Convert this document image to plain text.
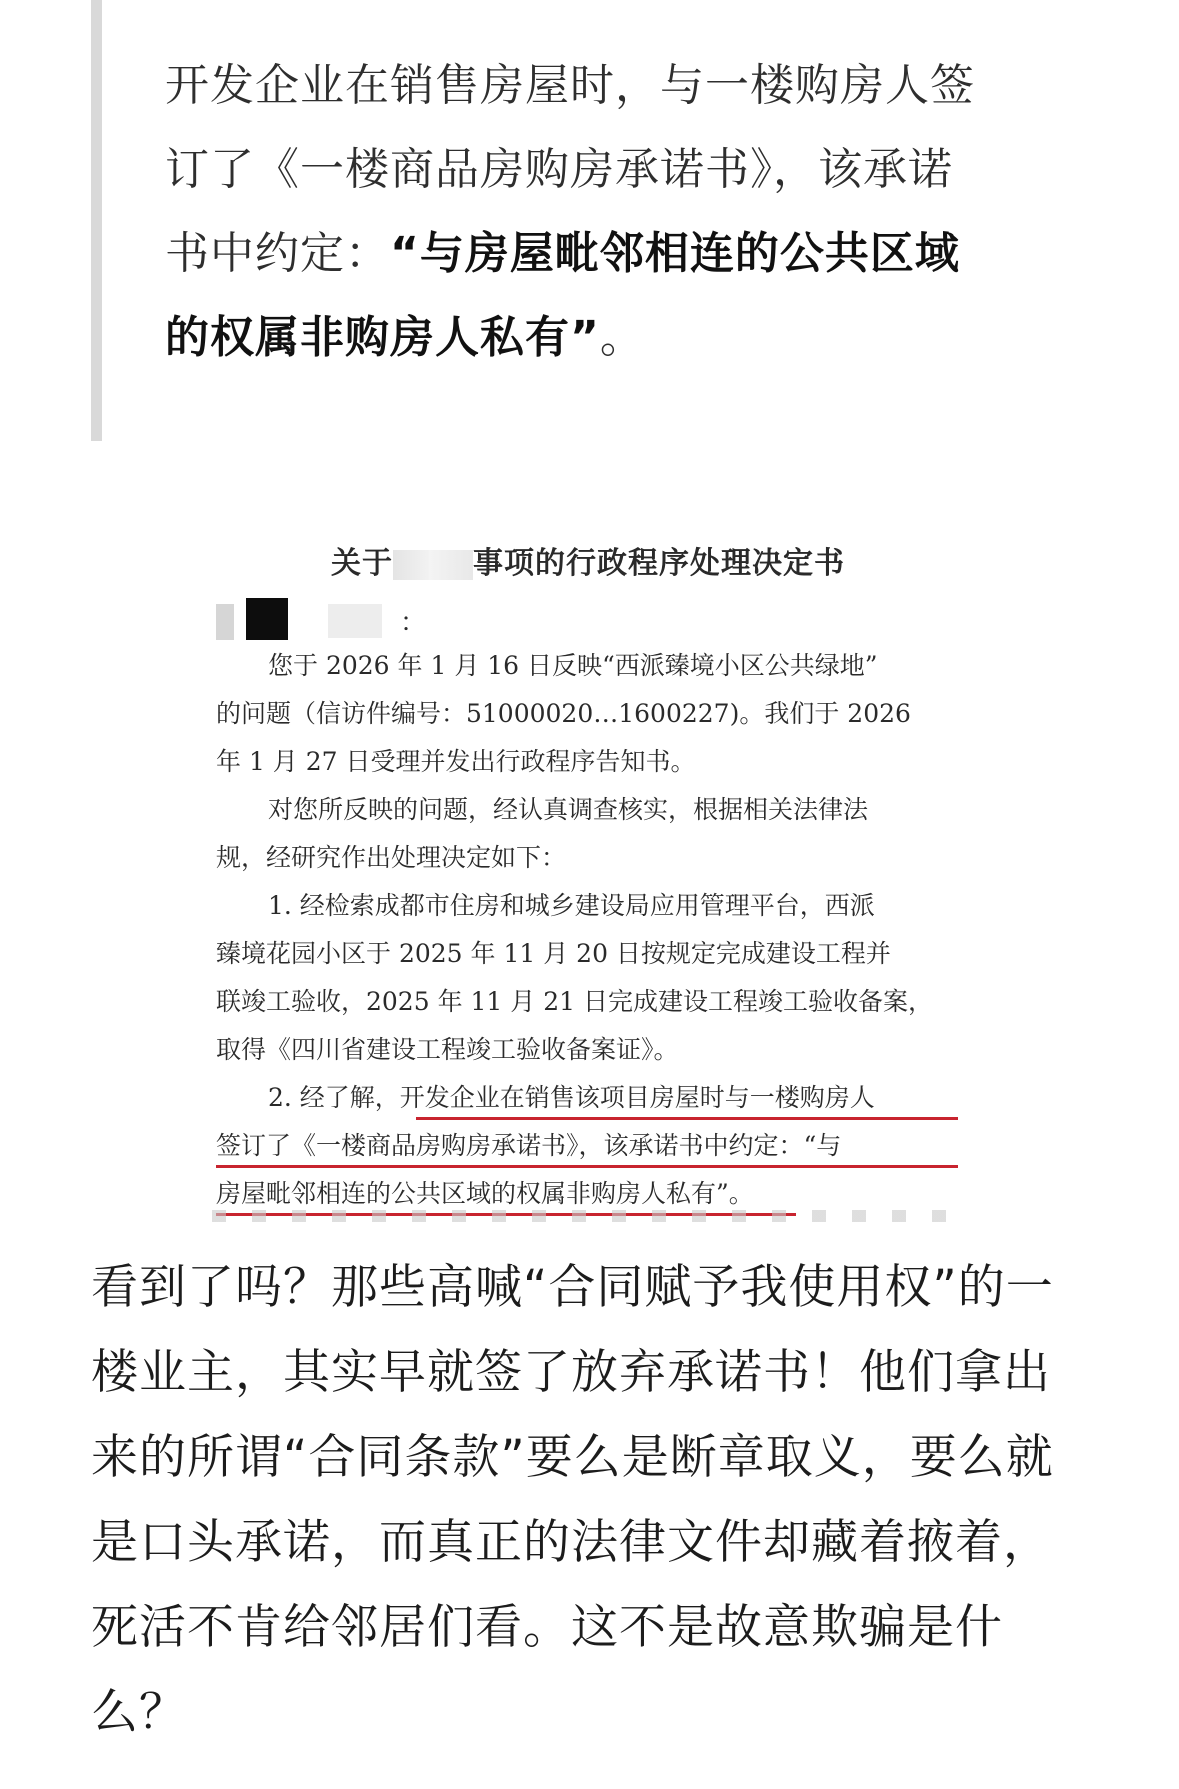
开发企业在销售房屋时，与一楼购房人签
订了《一楼商品房购房承诺书》，该承诺
书中约定：“与房屋毗邻相连的公共区域
的权属非购房人私有”。
关于	事项的行政程序处理决定书
：
您于 2026 年 1 月 16 日反映“西派臻境小区公共绿地”
的问题（信访件编号：51000020…1600227)。我们于 2026
年 1 月 27 日受理并发出行政程序告知书。
对您所反映的问题，经认真调查核实，根据相关法律法
规，经研究作出处理决定如下：
1. 经检索成都市住房和城乡建设局应用管理平台，西派
臻境花园小区于 2025 年 11 月 20 日按规定完成建设工程并
联竣工验收，2025 年 11 月 21 日完成建设工程竣工验收备案，
取得《四川省建设工程竣工验收备案证》。
2. 经了解，开发企业在销售该项目房屋时与一楼购房人
签订了《一楼商品房购房承诺书》，该承诺书中约定：“与
房屋毗邻相连的公共区域的权属非购房人私有”。
看到了吗？那些高喊“合同赋予我使用权”的一
楼业主，其实早就签了放弃承诺书！他们拿出
来的所谓“合同条款”要么是断章取义，要么就
是口头承诺，而真正的法律文件却藏着掖着，
死活不肯给邻居们看。这不是故意欺骗是什
么？
